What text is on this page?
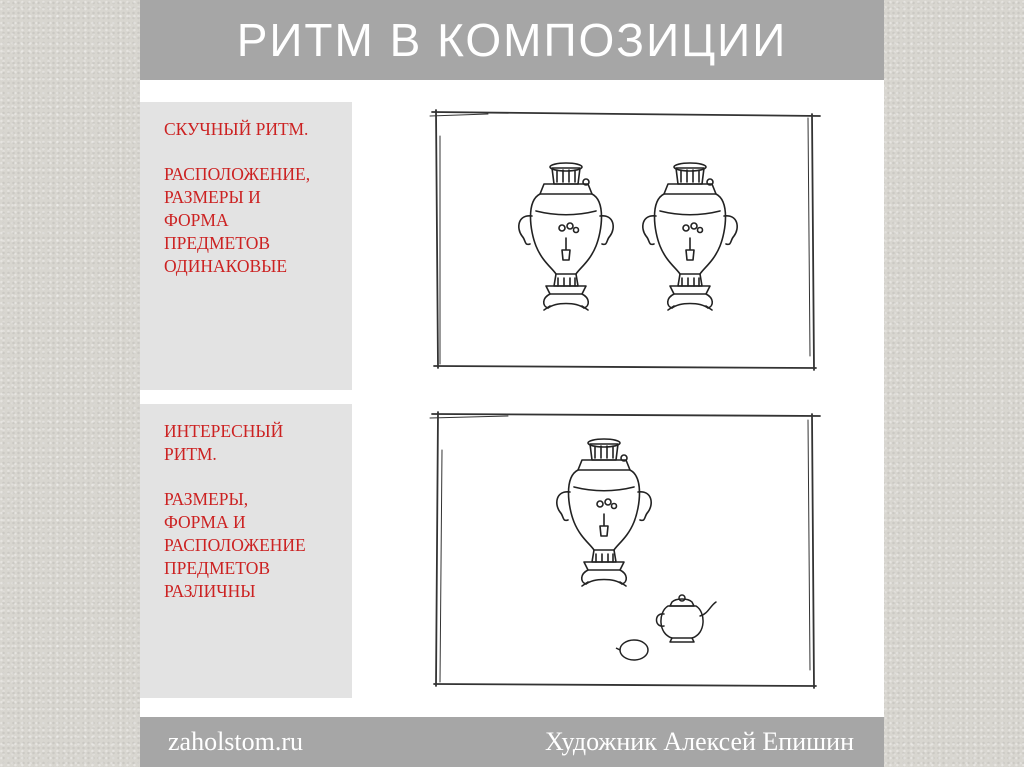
РИТМ В КОМПОЗИЦИИ

СКУЧНЫЙ РИТМ.

РАСПОЛОЖЕНИЕ,
РАЗМЕРЫ И
ФОРМА
ПРЕДМЕТОВ
ОДИНАКОВЫЕ

ИНТЕРЕСНЫЙ
РИТМ.

РАЗМЕРЫ,
ФОРМА И
РАСПОЛОЖЕНИЕ
ПРЕДМЕТОВ
РАЗЛИЧНЫ

zaholstom.ru	Художник Алексей Епишин
